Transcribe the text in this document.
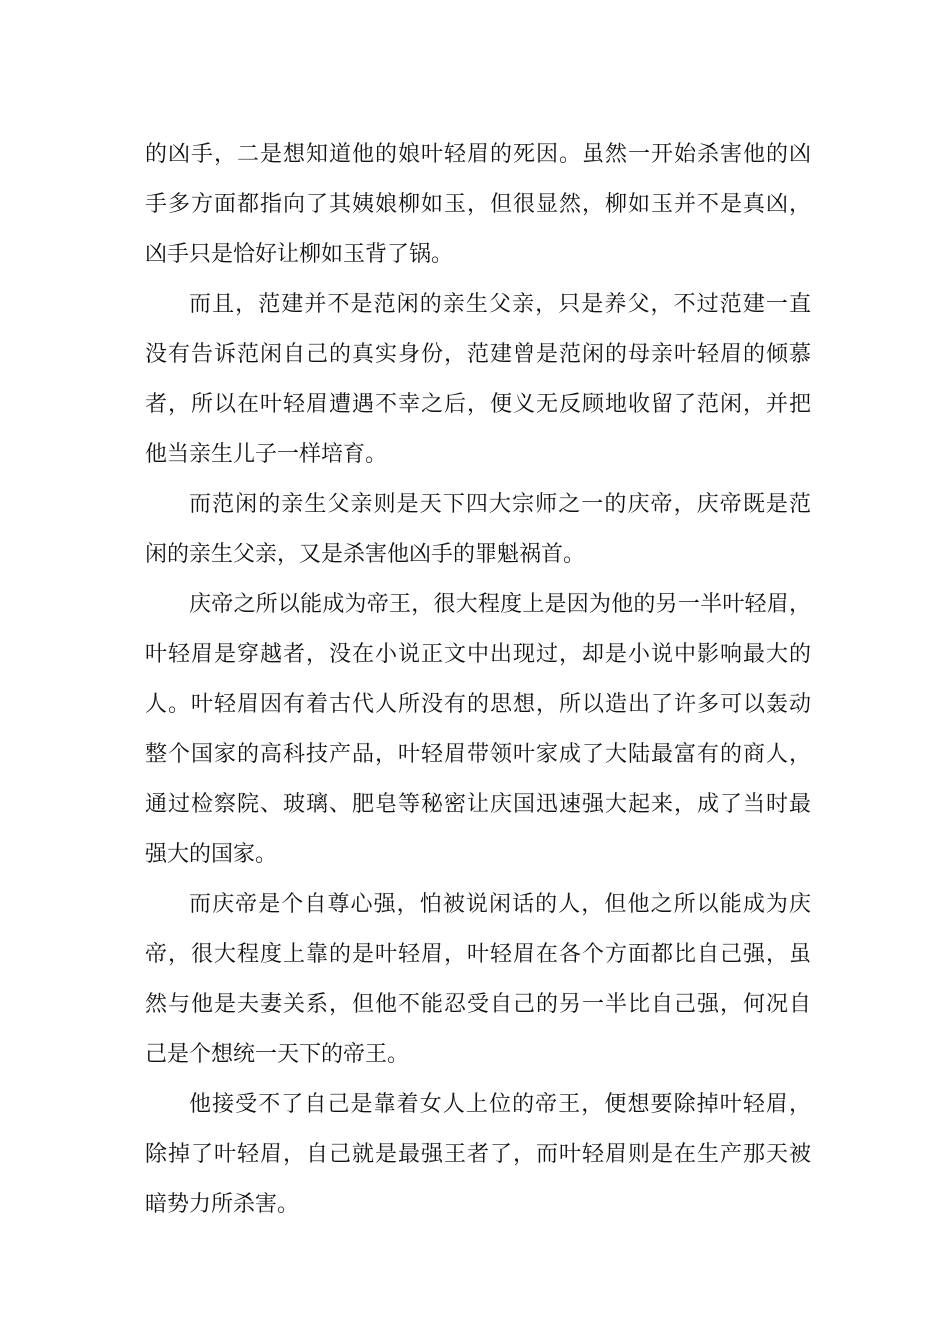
的凶手，二是想知道他的娘叶轻眉的死因。虽然一开始杀害他的凶
手多方面都指向了其姨娘柳如玉，但很显然，柳如玉并不是真凶，
凶手只是恰好让柳如玉背了锅。
而且，范建并不是范闲的亲生父亲，只是养父，不过范建一直
没有告诉范闲自己的真实身份，范建曾是范闲的母亲叶轻眉的倾慕
者，所以在叶轻眉遭遇不幸之后，便义无反顾地收留了范闲，并把
他当亲生儿子一样培育。
而范闲的亲生父亲则是天下四大宗师之一的庆帝，庆帝既是范
闲的亲生父亲，又是杀害他凶手的罪魁祸首。
庆帝之所以能成为帝王，很大程度上是因为他的另一半叶轻眉，
叶轻眉是穿越者，没在小说正文中出现过，却是小说中影响最大的
人。叶轻眉因有着古代人所没有的思想，所以造出了许多可以轰动
整个国家的高科技产品，叶轻眉带领叶家成了大陆最富有的商人，
通过检察院、玻璃、肥皂等秘密让庆国迅速强大起来，成了当时最
强大的国家。
而庆帝是个自尊心强，怕被说闲话的人，但他之所以能成为庆
帝，很大程度上靠的是叶轻眉，叶轻眉在各个方面都比自己强，虽
然与他是夫妻关系，但他不能忍受自己的另一半比自己强，何况自
己是个想统一天下的帝王。
他接受不了自己是靠着女人上位的帝王，便想要除掉叶轻眉，
除掉了叶轻眉，自己就是最强王者了，而叶轻眉则是在生产那天被
暗势力所杀害。
